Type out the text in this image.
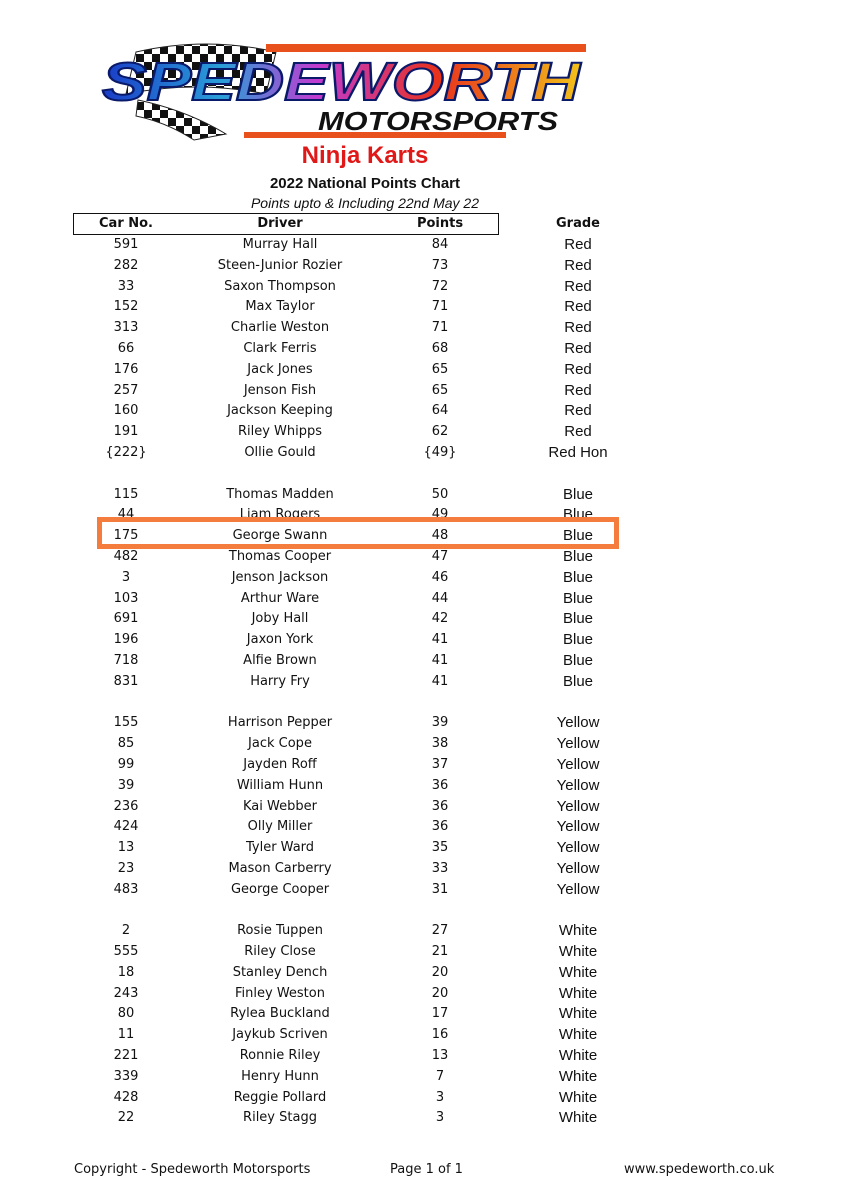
SPEDEWORTH
MOTORSPORTS
Ninja Karts
2022 National Points Chart
Points upto & Including 22nd May 22
Car No.	Driver	Points	Grade
591	Murray Hall	84	Red
282	Steen-Junior Rozier	73	Red
33	Saxon Thompson	72	Red
152	Max Taylor	71	Red
313	Charlie Weston	71	Red
66	Clark Ferris	68	Red
176	Jack Jones	65	Red
257	Jenson Fish	65	Red
160	Jackson Keeping	64	Red
191	Riley Whipps	62	Red
{222}	Ollie Gould	{49}	Red Hon
115	Thomas Madden	50	Blue
44	Liam Rogers	49	Blue
175	George Swann	48	Blue
482	Thomas Cooper	47	Blue
3	Jenson Jackson	46	Blue
103	Arthur Ware	44	Blue
691	Joby Hall	42	Blue
196	Jaxon York	41	Blue
718	Alfie Brown	41	Blue
831	Harry Fry	41	Blue
155	Harrison Pepper	39	Yellow
85	Jack Cope	38	Yellow
99	Jayden Roff	37	Yellow
39	William Hunn	36	Yellow
236	Kai Webber	36	Yellow
424	Olly Miller	36	Yellow
13	Tyler Ward	35	Yellow
23	Mason Carberry	33	Yellow
483	George Cooper	31	Yellow
2	Rosie Tuppen	27	White
555	Riley Close	21	White
18	Stanley Dench	20	White
243	Finley Weston	20	White
80	Rylea Buckland	17	White
11	Jaykub Scriven	16	White
221	Ronnie Riley	13	White
339	Henry Hunn	7	White
428	Reggie Pollard	3	White
22	Riley Stagg	3	White
Copyright - Spedeworth Motorsports	Page 1 of 1	www.spedeworth.co.uk
